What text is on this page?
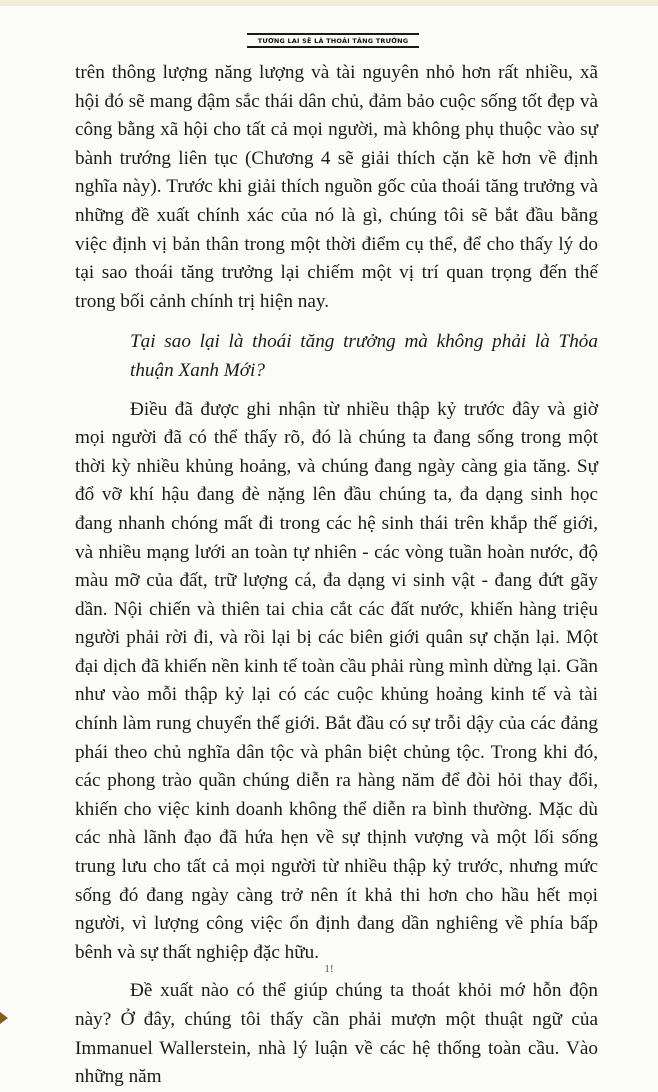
TƯƠNG LAI SẼ LÀ THOÁI TĂNG TRƯỞNG

trên thông lượng năng lượng và tài nguyên nhỏ hơn rất nhiều, xã hội đó sẽ mang đậm sắc thái dân chủ, đảm bảo cuộc sống tốt đẹp và công bằng xã hội cho tất cả mọi người, mà không phụ thuộc vào sự bành trướng liên tục (Chương 4 sẽ giải thích cặn kẽ hơn về định nghĩa này). Trước khi giải thích nguồn gốc của thoái tăng trưởng và những đề xuất chính xác của nó là gì, chúng tôi sẽ bắt đầu bằng việc định vị bản thân trong một thời điểm cụ thể, để cho thấy lý do tại sao thoái tăng trưởng lại chiếm một vị trí quan trọng đến thế trong bối cảnh chính trị hiện nay.

Tại sao lại là thoái tăng trưởng mà không phải là Thỏa thuận Xanh Mới?

Điều đã được ghi nhận từ nhiều thập kỷ trước đây và giờ mọi người đã có thể thấy rõ, đó là chúng ta đang sống trong một thời kỳ nhiều khủng hoảng, và chúng đang ngày càng gia tăng. Sự đổ vỡ khí hậu đang đè nặng lên đầu chúng ta, đa dạng sinh học đang nhanh chóng mất đi trong các hệ sinh thái trên khắp thế giới, và nhiều mạng lưới an toàn tự nhiên - các vòng tuần hoàn nước, độ màu mỡ của đất, trữ lượng cá, đa dạng vi sinh vật - đang đứt gãy dần. Nội chiến và thiên tai chia cắt các đất nước, khiến hàng triệu người phải rời đi, và rồi lại bị các biên giới quân sự chặn lại. Một đại dịch đã khiến nền kinh tế toàn cầu phải rùng mình dừng lại. Gần như vào mỗi thập kỷ lại có các cuộc khủng hoảng kinh tế và tài chính làm rung chuyển thế giới. Bắt đầu có sự trỗi dậy của các đảng phái theo chủ nghĩa dân tộc và phân biệt chủng tộc. Trong khi đó, các phong trào quần chúng diễn ra hàng năm để đòi hỏi thay đổi, khiến cho việc kinh doanh không thể diễn ra bình thường. Mặc dù các nhà lãnh đạo đã hứa hẹn về sự thịnh vượng và một lối sống trung lưu cho tất cả mọi người từ nhiều thập kỷ trước, nhưng mức sống đó đang ngày càng trở nên ít khả thi hơn cho hầu hết mọi người, vì lượng công việc ổn định đang dần nghiêng về phía bấp bênh và sự thất nghiệp đặc hữu.

Đề xuất nào có thể giúp chúng ta thoát khỏi mớ hỗn độn này? Ở đây, chúng tôi thấy cần phải mượn một thuật ngữ của Immanuel Wallerstein, nhà lý luận về các hệ thống toàn cầu. Vào những năm

1!
